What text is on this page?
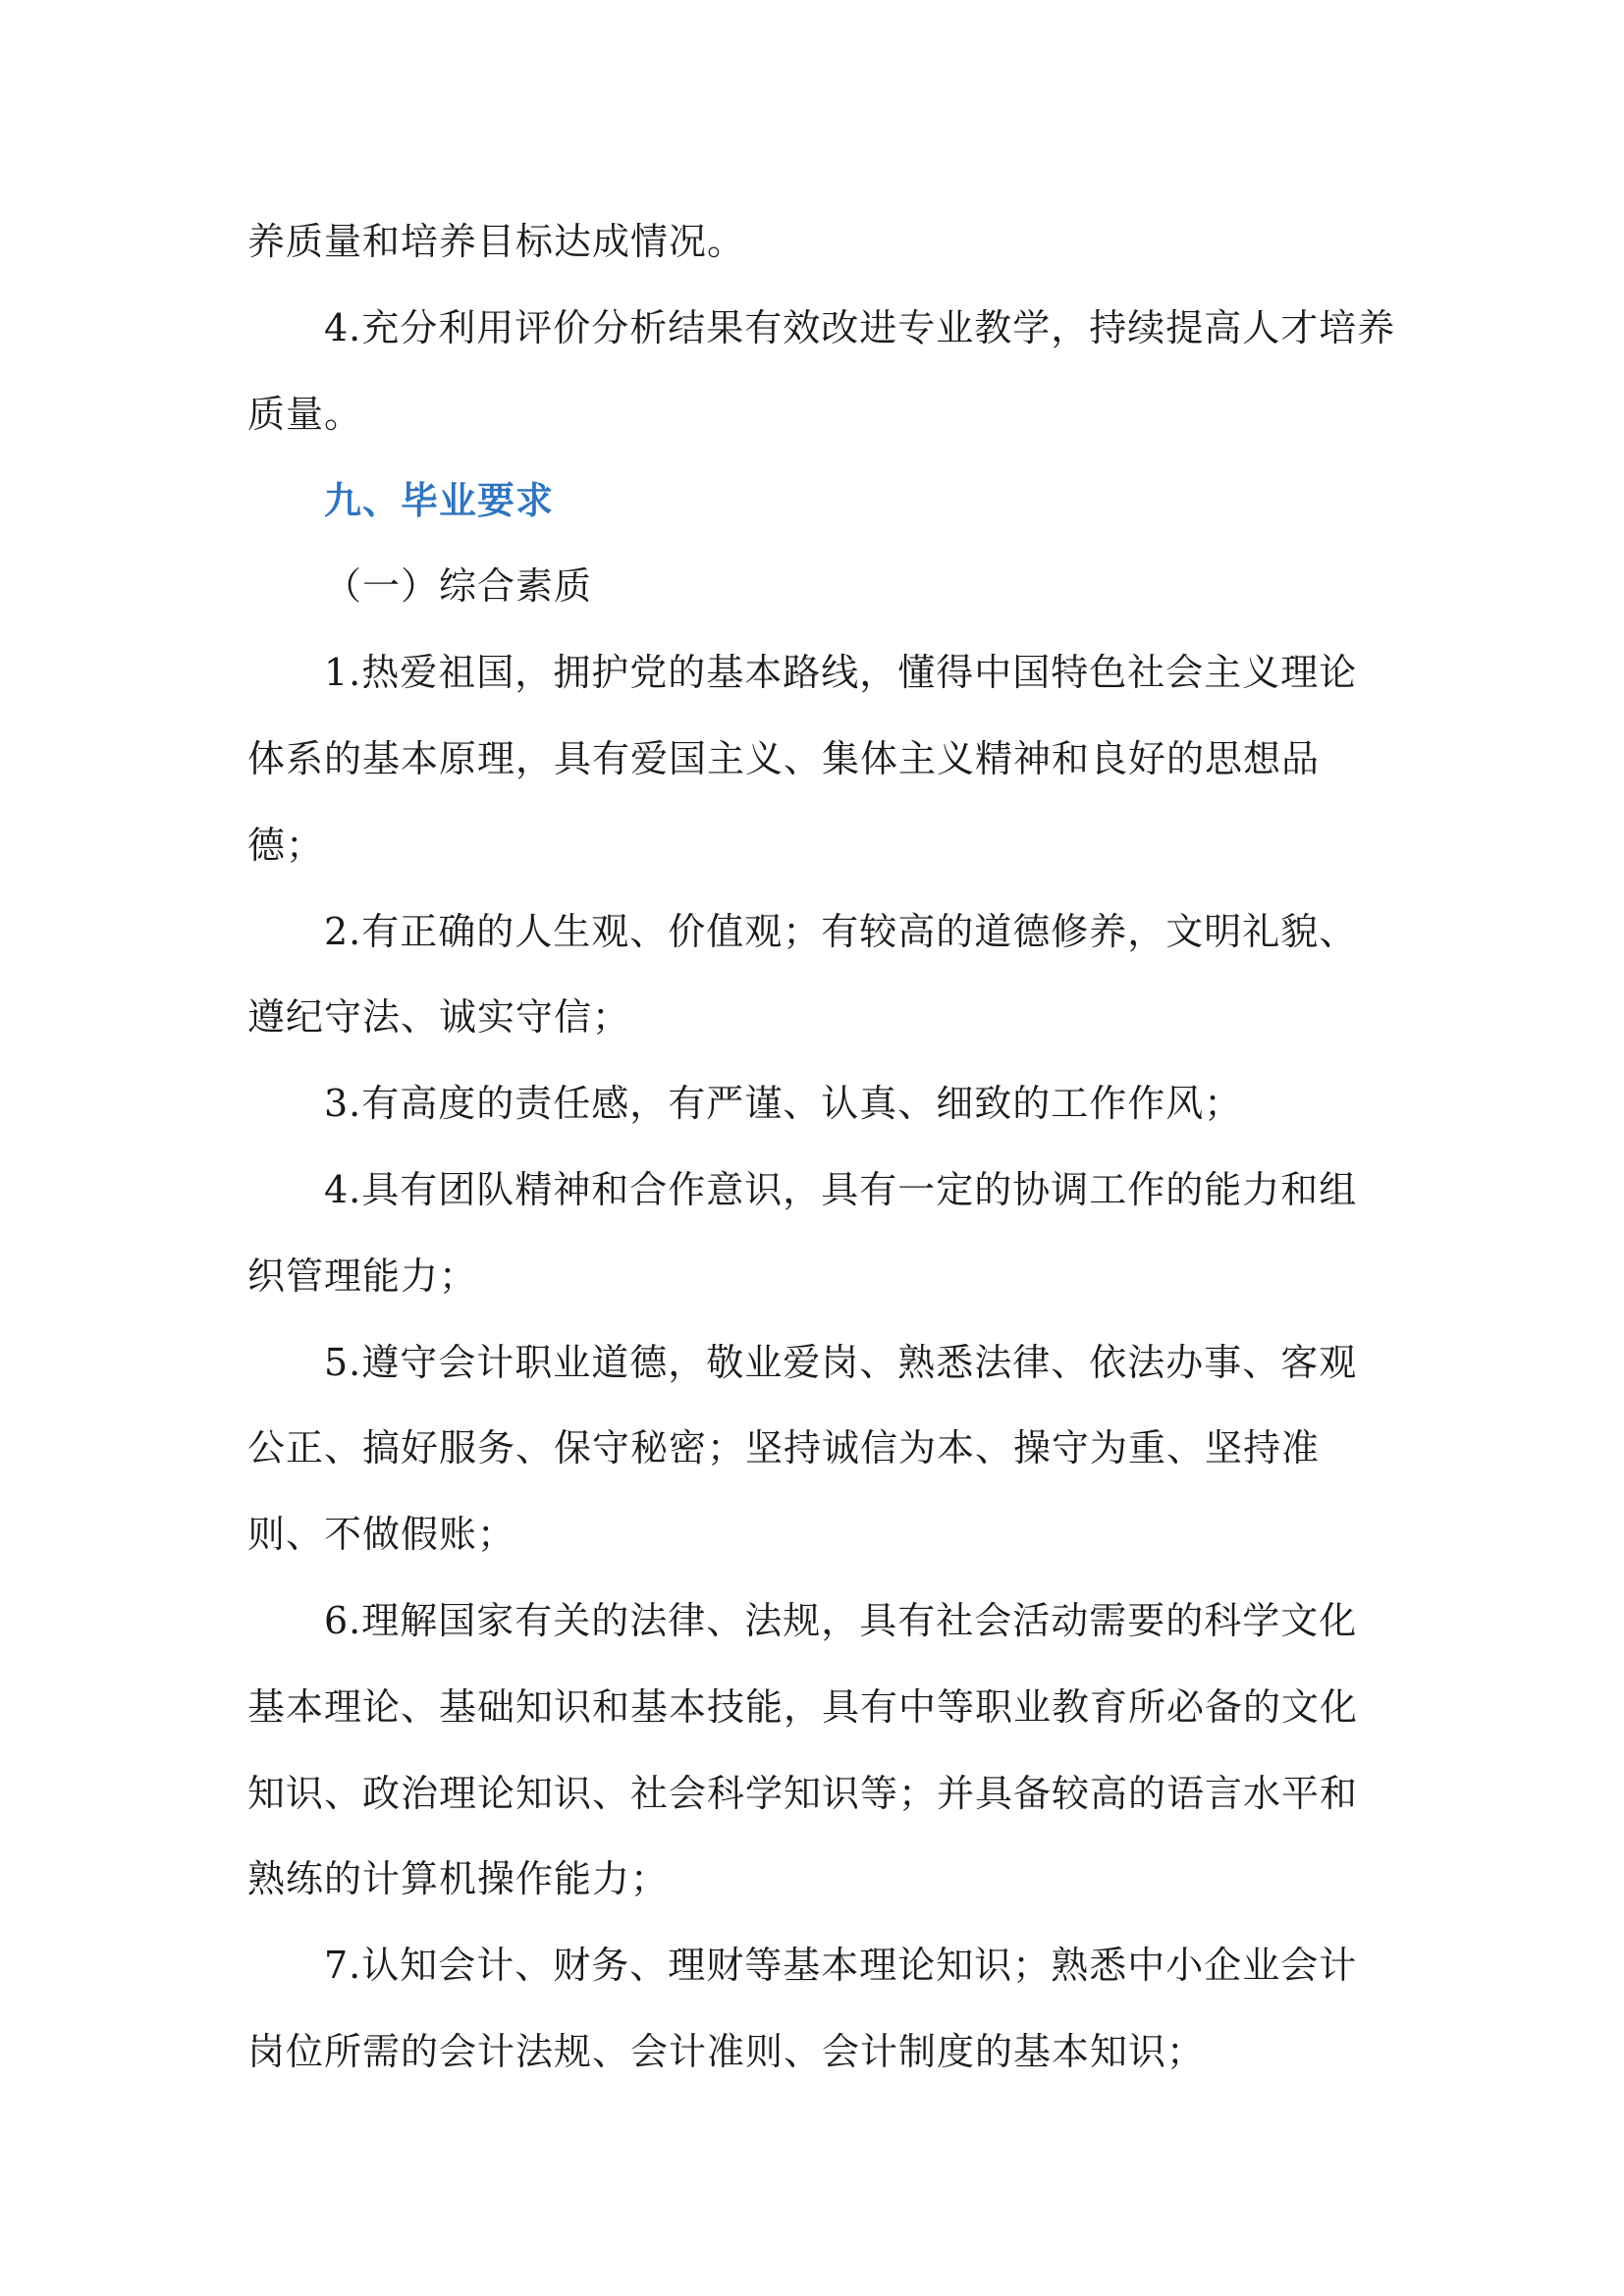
养质量和培养目标达成情况。
4.充分利用评价分析结果有效改进专业教学，持续提高人才培养
质量。
九、毕业要求
（一）综合素质
1.热爱祖国，拥护党的基本路线，懂得中国特色社会主义理论
体系的基本原理，具有爱国主义、集体主义精神和良好的思想品
德；
2.有正确的人生观、价值观；有较高的道德修养，文明礼貌、
遵纪守法、诚实守信；
3.有高度的责任感，有严谨、认真、细致的工作作风；
4.具有团队精神和合作意识，具有一定的协调工作的能力和组
织管理能力；
5.遵守会计职业道德，敬业爱岗、熟悉法律、依法办事、客观
公正、搞好服务、保守秘密；坚持诚信为本、操守为重、坚持准
则、不做假账；
6.理解国家有关的法律、法规，具有社会活动需要的科学文化
基本理论、基础知识和基本技能，具有中等职业教育所必备的文化
知识、政治理论知识、社会科学知识等；并具备较高的语言水平和
熟练的计算机操作能力；
7.认知会计、财务、理财等基本理论知识；熟悉中小企业会计
岗位所需的会计法规、会计准则、会计制度的基本知识；
